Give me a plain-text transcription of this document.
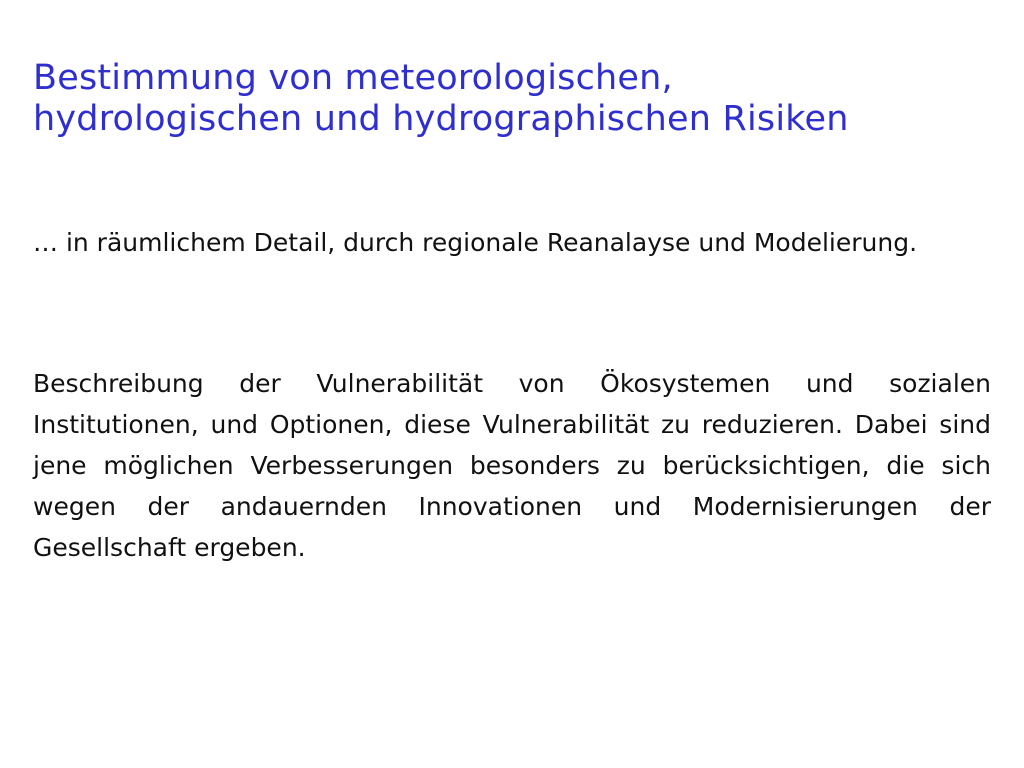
Bestimmung von meteorologischen,
hydrologischen und hydrographischen Risiken

… in räumlichem Detail, durch regionale Reanalayse und Modelierung.

Beschreibung der Vulnerabilität von Ökosystemen und sozialen Institutionen, und Optionen, diese Vulnerabilität zu reduzieren. Dabei sind jene möglichen Verbesserungen besonders zu berücksichtigen, die sich wegen der andauernden Innovationen und Modernisierungen der Gesellschaft ergeben.
